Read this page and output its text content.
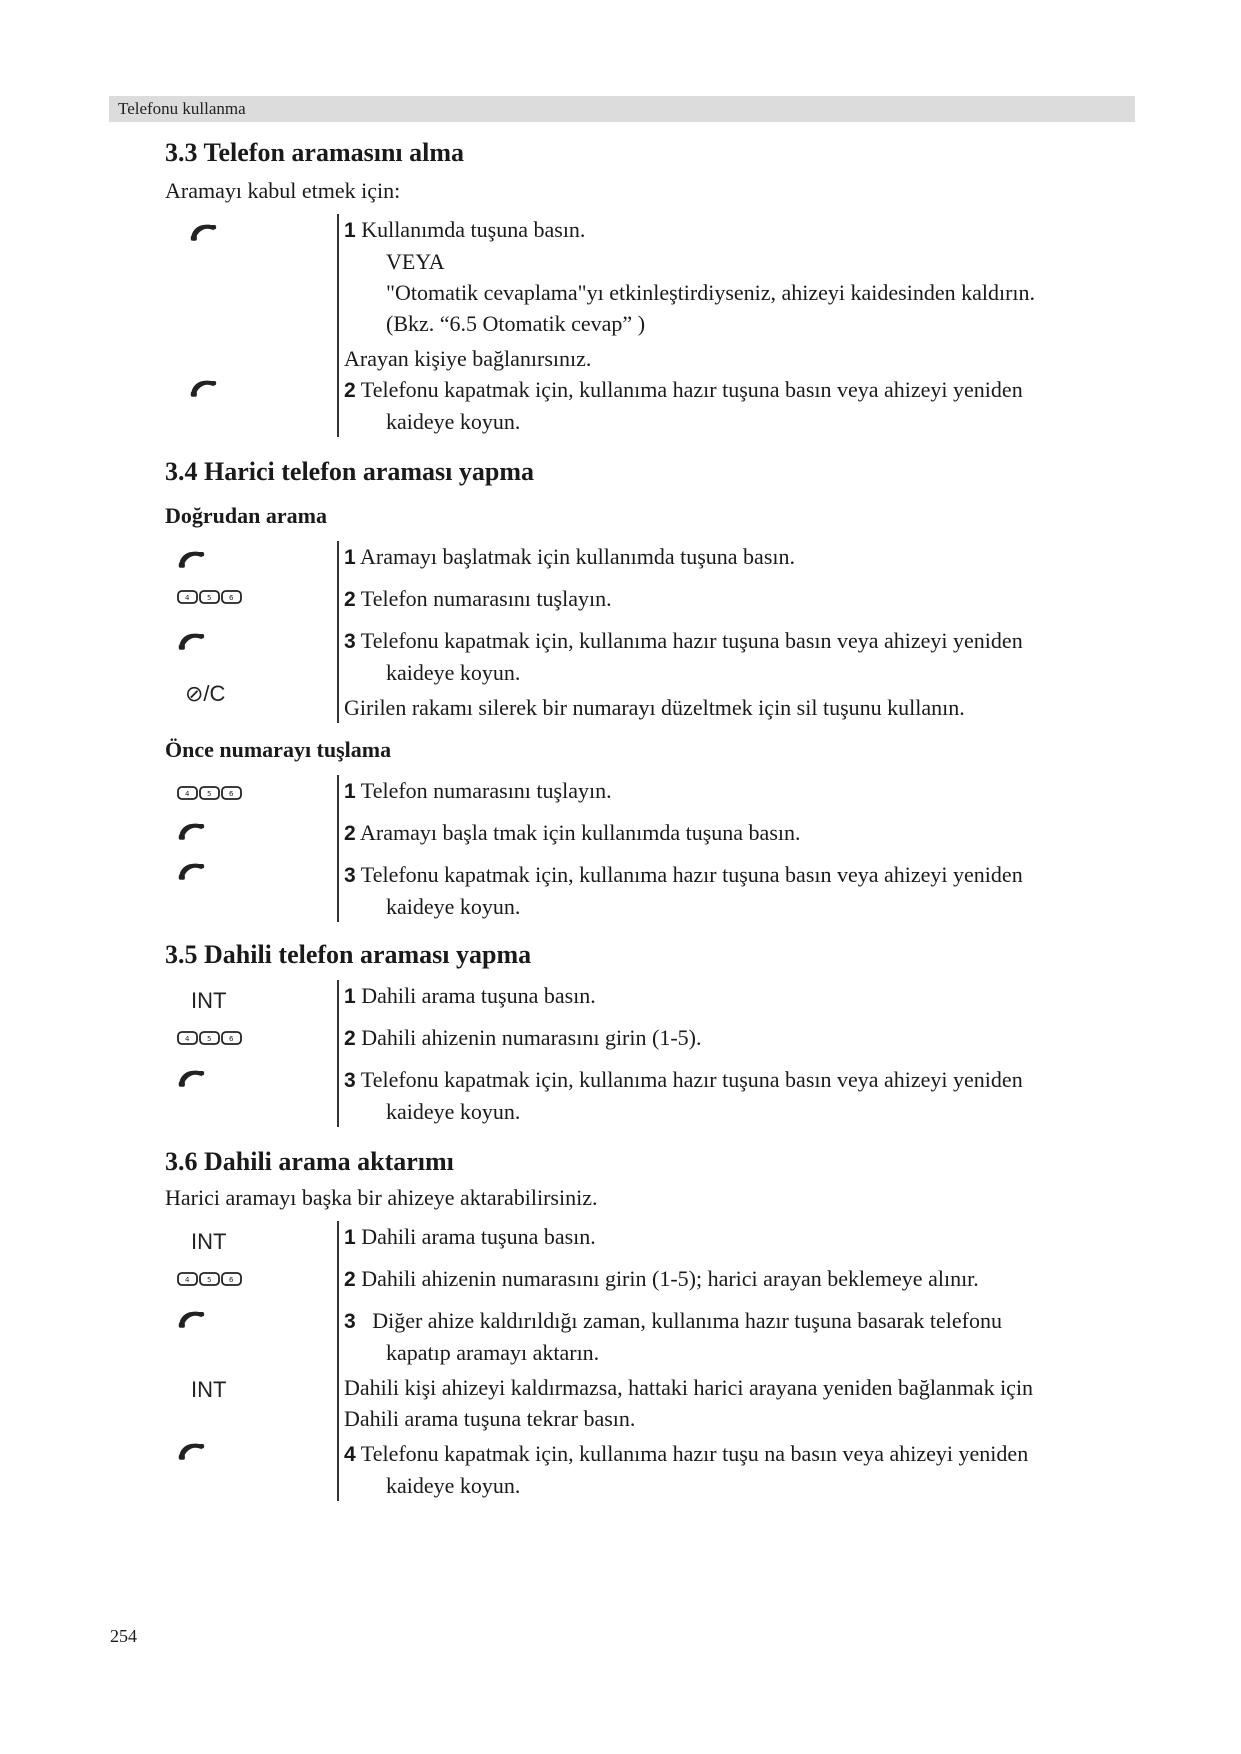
Telefonu kullanma
3.3 Telefon aramasını alma

Aramayı kabul etmek için:

1 Kullanımda tuşuna basın.
VEYA
"Otomatik cevaplama"yı etkinleştirdiyseniz, ahizeyi kaidesinden kaldırın.
(Bkz. “6.5 Otomatik cevap” )
Arayan kişiye bağlanırsınız.
2 Telefonu kapatmak için, kullanıma hazır tuşuna basın veya ahizeyi yeniden
kaideye koyun.
3.4 Harici telefon araması yapma
Doğrudan arama
⊘/C
1 Aramayı başlatmak için kullanımda tuşuna basın.
2 Telefon numarasını tuşlayın.
3 Telefonu kapatmak için, kullanıma hazır tuşuna basın veya ahizeyi yeniden
kaideye koyun.
Girilen rakamı silerek bir numarayı düzeltmek için sil tuşunu kullanın.
Önce numarayı tuşlama
1 Telefon numarasını tuşlayın.
2 Aramayı başla tmak için kullanımda tuşuna basın.
3 Telefonu kapatmak için, kullanıma hazır tuşuna basın veya ahizeyi yeniden
kaideye koyun.
3.5 Dahili telefon araması yapma
INT	1 Dahili arama tuşuna basın.
2 Dahili ahizenin numarasını girin (1-5).
3 Telefonu kapatmak için, kullanıma hazır tuşuna basın veya ahizeyi yeniden
kaideye koyun.
3.6 Dahili arama aktarımı

Harici aramayı başka bir ahizeye aktarabilirsiniz.

INT
INT
1 Dahili arama tuşuna basın.
2 Dahili ahizenin numarasını girin (1-5); harici arayan beklemeye alınır.
3 Diğer ahize kaldırıldığı zaman, kullanıma hazır tuşuna basarak telefonu
kapatıp aramayı aktarın.
Dahili kişi ahizeyi kaldırmazsa, hattaki harici arayana yeniden bağlanmak için
Dahili arama tuşuna tekrar basın.
4 Telefonu kapatmak için, kullanıma hazır tuşu na basın veya ahizeyi yeniden
kaideye koyun.
254
